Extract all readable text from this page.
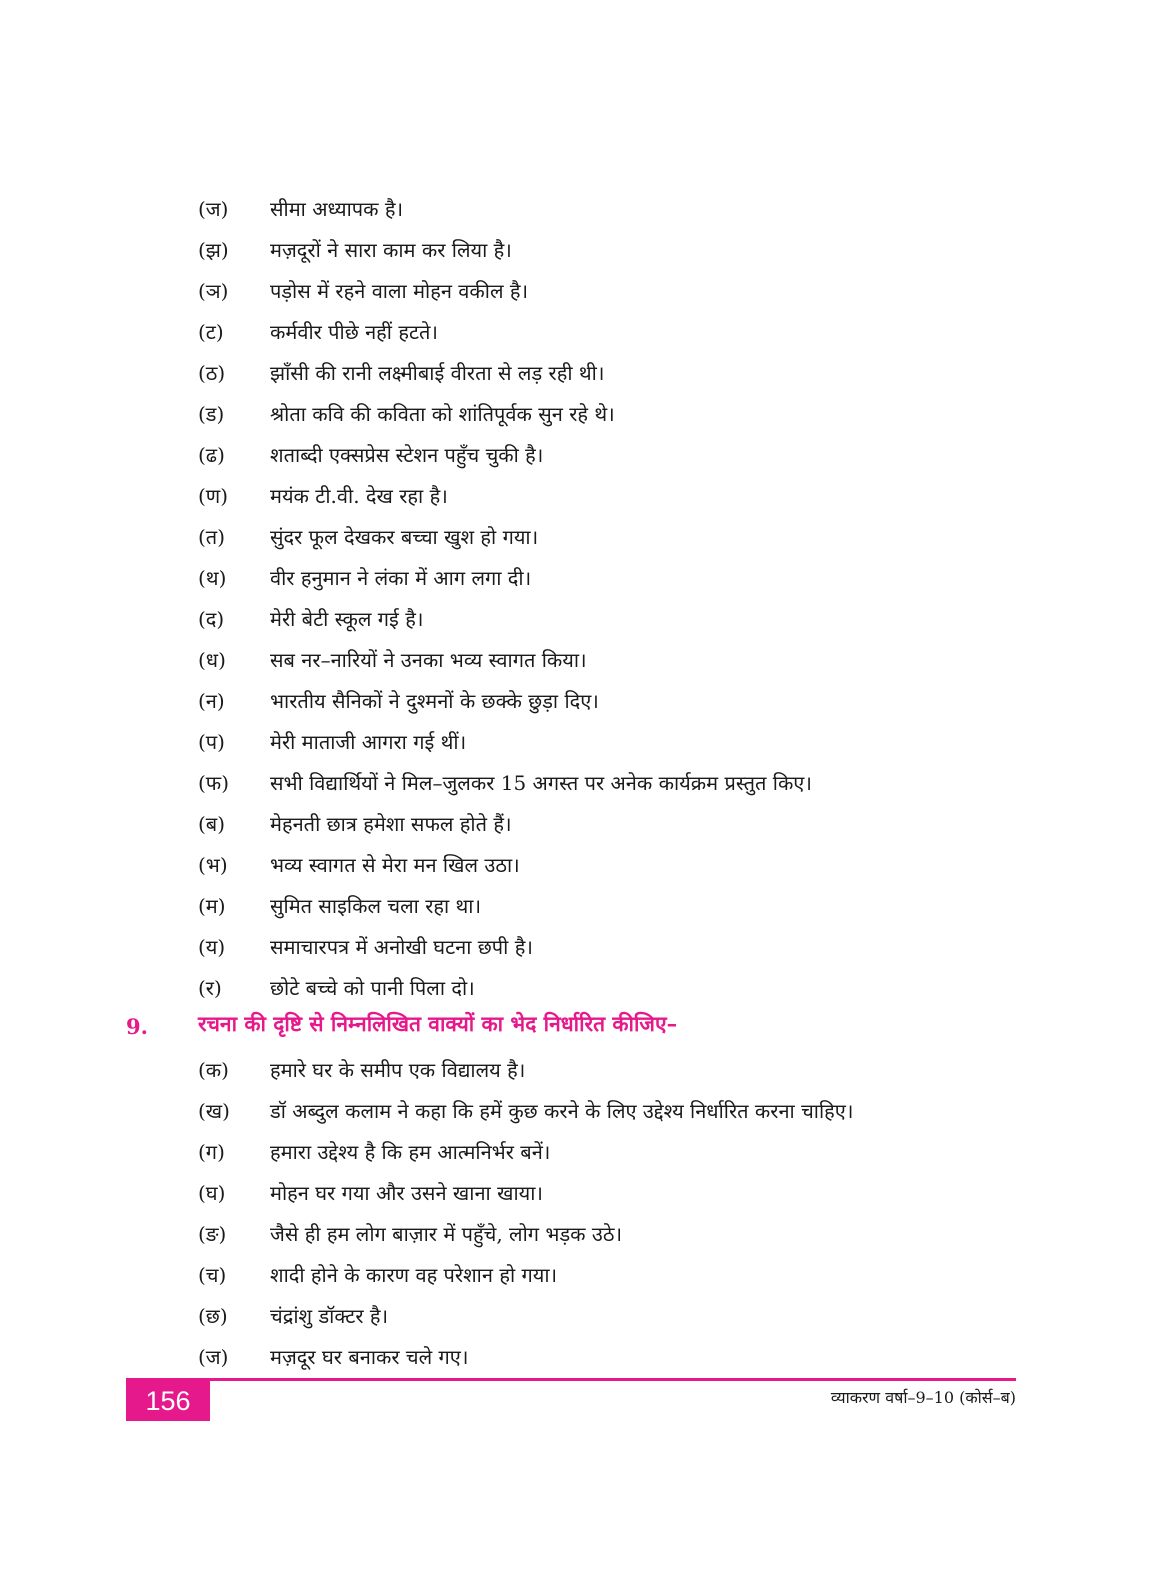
(ज)	सीमा अध्यापक है।
(झ)	मज़दूरों ने सारा काम कर लिया है।
(ञ)	पड़ोस में रहने वाला मोहन वकील है।
(ट)	कर्मवीर पीछे नहीं हटते।
(ठ)	झाँसी की रानी लक्ष्मीबाई वीरता से लड़ रही थी।
(ड)	श्रोता कवि की कविता को शांतिपूर्वक सुन रहे थे।
(ढ)	शताब्दी एक्सप्रेस स्टेशन पहुँच चुकी है।
(ण)	मयंक टी.वी. देख रहा है।
(त)	सुंदर फूल देखकर बच्चा खुश हो गया।
(थ)	वीर हनुमान ने लंका में आग लगा दी।
(द)	मेरी बेटी स्कूल गई है।
(ध)	सब नर–नारियों ने उनका भव्य स्वागत किया।
(न)	भारतीय सैनिकों ने दुश्मनों के छक्के छुड़ा दिए।
(प)	मेरी माताजी आगरा गई थीं।
(फ)	सभी विद्यार्थियों ने मिल–जुलकर 15 अगस्त पर अनेक कार्यक्रम प्रस्तुत किए।
(ब)	मेहनती छात्र हमेशा सफल होते हैं।
(भ)	भव्य स्वागत से मेरा मन खिल उठा।
(म)	सुमित साइकिल चला रहा था।
(य)	समाचारपत्र में अनोखी घटना छपी है।
(र)	छोटे बच्चे को पानी पिला दो।
9. रचना की दृष्टि से निम्नलिखित वाक्यों का भेद निर्धारित कीजिए–
(क)	हमारे घर के समीप एक विद्यालय है।
(ख)	डॉ अब्दुल कलाम ने कहा कि हमें कुछ करने के लिए उद्देश्य निर्धारित करना चाहिए।
(ग)	हमारा उद्देश्य है कि हम आत्मनिर्भर बनें।
(घ)	मोहन घर गया और उसने खाना खाया।
(ङ)	जैसे ही हम लोग बाज़ार में पहुँचे, लोग भड़क उठे।
(च)	शादी होने के कारण वह परेशान हो गया।
(छ)	चंद्रांशु डॉक्टर है।
(ज)	मज़दूर घर बनाकर चले गए।
156	व्याकरण वर्षा–9–10 (कोर्स–ब)
